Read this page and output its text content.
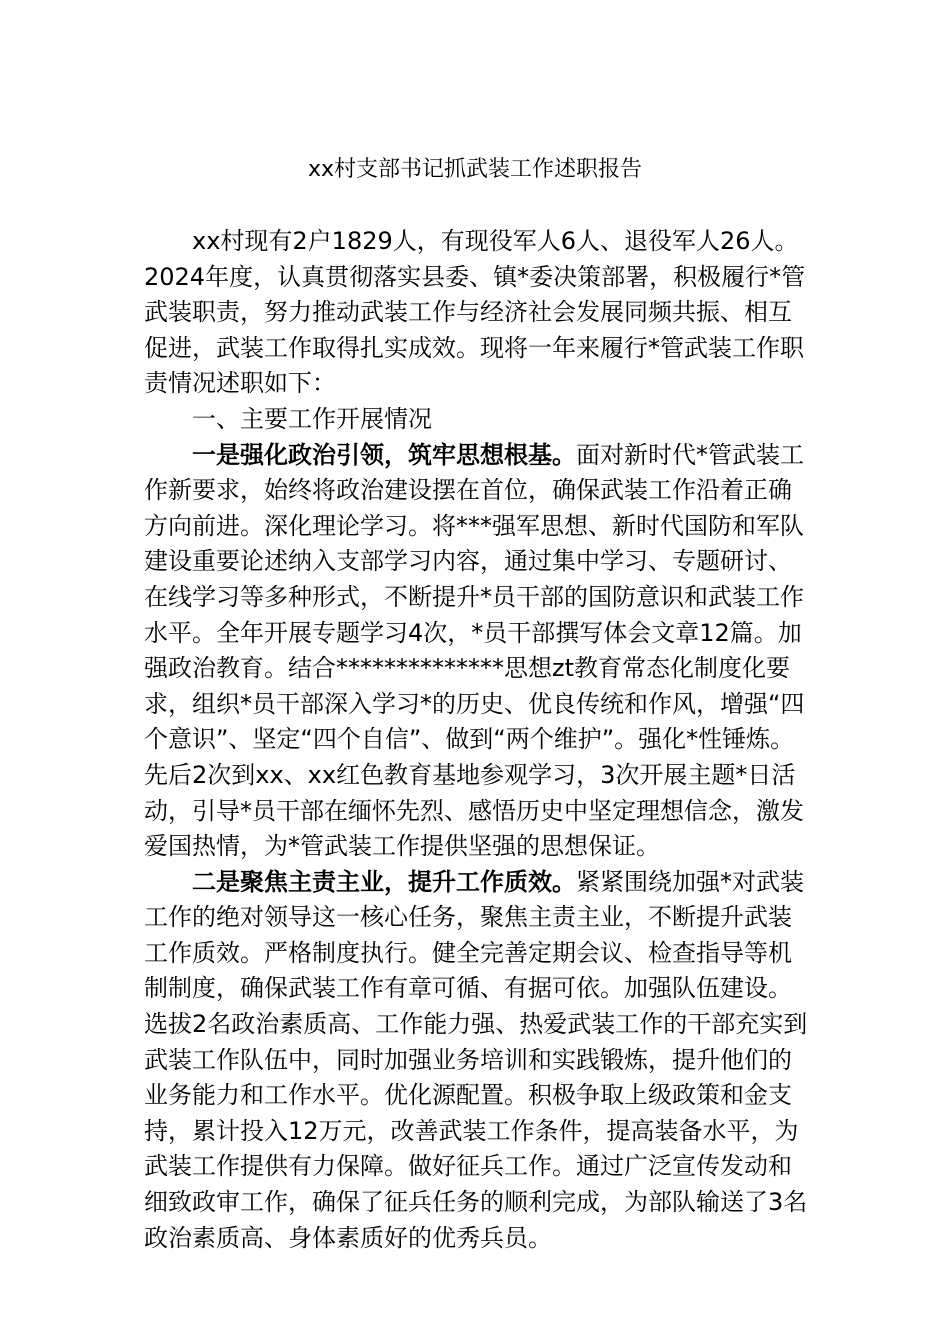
xx村支部书记抓武装工作述职报告

xx村现有2户1829人，有现役军人6人、退役军人26人。2024年度，认真贯彻落实县委、镇*委决策部署，积极履行*管武装职责，努力推动武装工作与经济社会发展同频共振、相互促进，武装工作取得扎实成效。现将一年来履行*管武装工作职责情况述职如下：

一、主要工作开展情况

一是强化政治引领，筑牢思想根基。面对新时代*管武装工作新要求，始终将政治建设摆在首位，确保武装工作沿着正确方向前进。深化理论学习。将***强军思想、新时代国防和军队建设重要论述纳入支部学习内容，通过集中学习、专题研讨、在线学习等多种形式，不断提升*员干部的国防意识和武装工作水平。全年开展专题学习4次，*员干部撰写体会文章12篇。加强政治教育。结合**************思想zt教育常态化制度化要求，组织*员干部深入学习*的历史、优良传统和作风，增强“四个意识”、坚定“四个自信”、做到“两个维护”。强化*性锤炼。先后2次到xx、xx红色教育基地参观学习，3次开展主题*日活动，引导*员干部在缅怀先烈、感悟历史中坚定理想信念，激发爱国热情，为*管武装工作提供坚强的思想保证。

二是聚焦主责主业，提升工作质效。紧紧围绕加强*对武装工作的绝对领导这一核心任务，聚焦主责主业，不断提升武装工作质效。严格制度执行。健全完善定期会议、检查指导等机制制度，确保武装工作有章可循、有据可依。加强队伍建设。选拔2名政治素质高、工作能力强、热爱武装工作的干部充实到武装工作队伍中，同时加强业务培训和实践锻炼，提升他们的业务能力和工作水平。优化源配置。积极争取上级政策和金支持，累计投入12万元，改善武装工作条件，提高装备水平，为武装工作提供有力保障。做好征兵工作。通过广泛宣传发动和细致政审工作，确保了征兵任务的顺利完成，为部队输送了3名政治素质高、身体素质好的优秀兵员。
